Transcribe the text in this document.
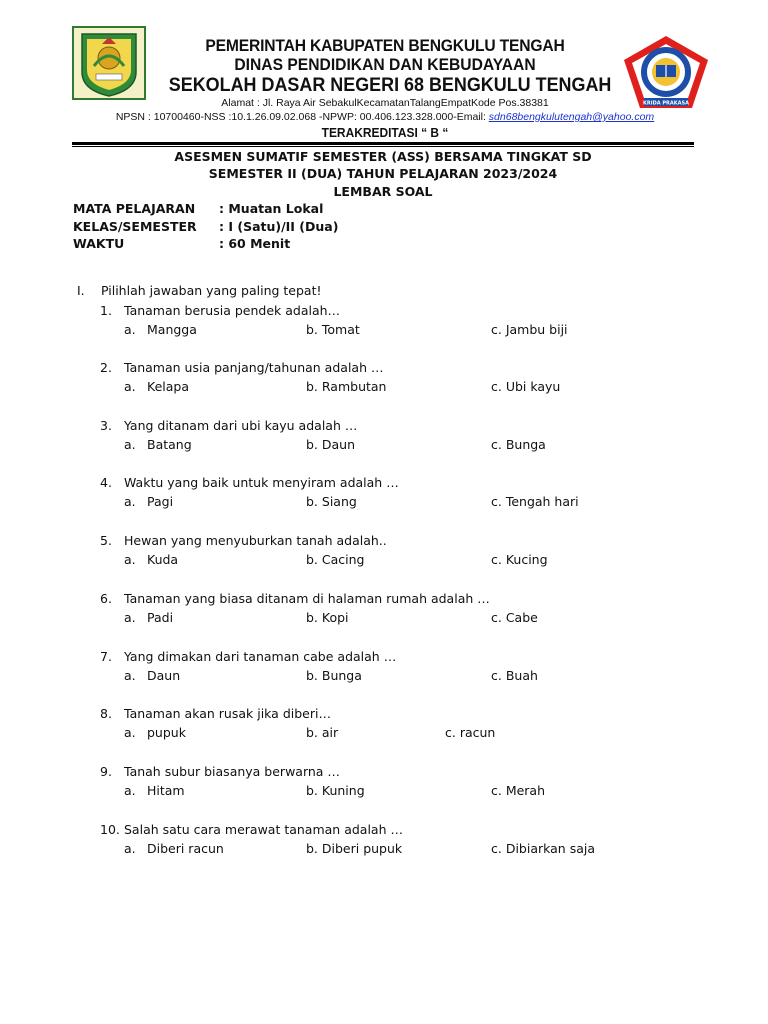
KRIDA PRAKASA
PEMERINTAH KABUPATEN BENGKULU TENGAH
DINAS PENDIDIKAN DAN KEBUDAYAAN
SEKOLAH DASAR NEGERI 68 BENGKULU TENGAH
Alamat : Jl. Raya Air SebakulKecamatanTalangEmpatKode Pos.38381
NPSN : 10700460-NSS :10.1.26.09.02.068 -NPWP: 00.406.123.328.000-Email: sdn68bengkulutengah@yahoo.com
TERAKREDITASI “ B “
ASESMEN SUMATIF SEMESTER (ASS) BERSAMA TINGKAT SD
SEMESTER II (DUA) TAHUN PELAJARAN 2023/2024
LEMBAR SOAL
MATA PELAJARAN : Muatan Lokal
KELAS/SEMESTER : I (Satu)/II (Dua)
WAKTU	: 60 Menit
I. Pilihlah jawaban yang paling tepat!
1. Tanaman berusia pendek adalah…
a. Mangga	b. Tomat	c. Jambu biji
2. Tanaman usia panjang/tahunan adalah …
a. Kelapa	b. Rambutan	c. Ubi kayu
3. Yang ditanam dari ubi kayu adalah …
a. Batang	b. Daun	c. Bunga
4. Waktu yang baik untuk menyiram adalah …
a. Pagi	b. Siang	c. Tengah hari
5. Hewan yang menyuburkan tanah adalah..
a. Kuda	b. Cacing	c. Kucing
6. Tanaman yang biasa ditanam di halaman rumah adalah …
a. Padi	b. Kopi	c. Cabe
7. Yang dimakan dari tanaman cabe adalah …
a. Daun	b. Bunga	c. Buah
8. Tanaman akan rusak jika diberi…
a. pupuk	b. air	c. racun
9. Tanah subur biasanya berwarna …
a. Hitam	b. Kuning	c. Merah
10. Salah satu cara merawat tanaman adalah …
a. Diberi racun	b. Diberi pupuk	c. Dibiarkan saja
